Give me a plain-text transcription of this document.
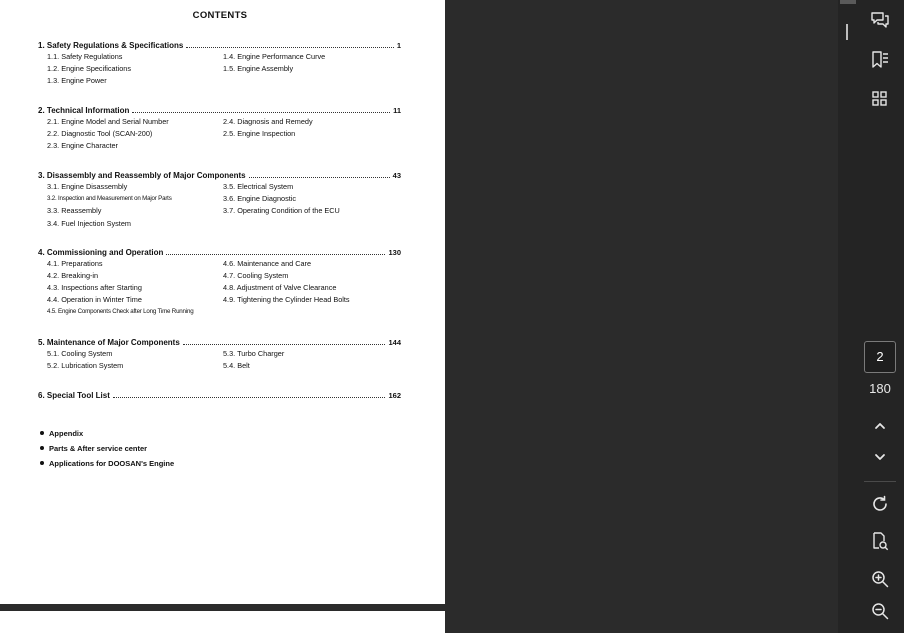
CONTENTS
1. Safety Regulations & Specifications	1
1.1. Safety Regulations
1.2. Engine Specifications
1.3. Engine Power
1.4. Engine Performance Curve
1.5. Engine Assembly
2. Technical Information	11
2.1. Engine Model and Serial Number
2.2. Diagnostic Tool (SCAN-200)
2.3. Engine Character
2.4. Diagnosis and Remedy
2.5. Engine Inspection
3. Disassembly and Reassembly of Major Components	43
3.1. Engine Disassembly
3.2. Inspection and Measurement on Major Parts
3.3. Reassembly
3.4. Fuel Injection System
3.5. Electrical System
3.6. Engine Diagnostic
3.7. Operating Condition of the ECU
4. Commissioning and Operation	130
4.1. Preparations
4.2. Breaking-in
4.3. Inspections after Starting
4.4. Operation in Winter Time
4.5. Engine Components Check after Long Time Running
4.6. Maintenance and Care
4.7. Cooling System
4.8. Adjustment of Valve Clearance
4.9. Tightening the Cylinder Head Bolts
5. Maintenance of Major Components	144
5.1. Cooling System
5.2. Lubrication System
5.3. Turbo Charger
5.4. Belt
6. Special Tool List	162
Appendix
Parts & After service center
Applications for DOOSAN's Engine
2
180
